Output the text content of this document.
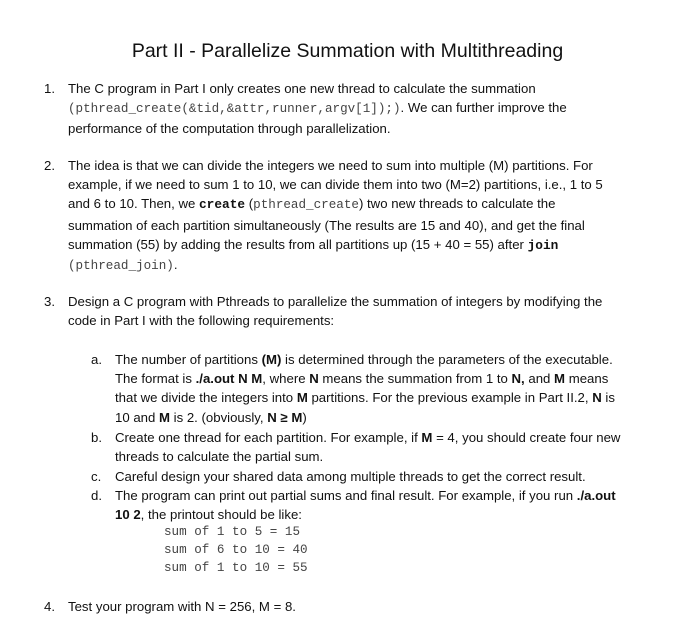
Part II - Parallelize Summation with Multithreading
1. The C program in Part I only creates one new thread to calculate the summation
(pthread_create(&tid,&attr,runner,argv[1]);). We can further improve the
performance of the computation through parallelization.
2. The idea is that we can divide the integers we need to sum into multiple (M) partitions. For
example, if we need to sum 1 to 10, we can divide them into two (M=2) partitions, i.e., 1 to 5
and 6 to 10. Then, we create (pthread_create) two new threads to calculate the
summation of each partition simultaneously (The results are 15 and 40), and get the final
summation (55) by adding the results from all partitions up (15 + 40 = 55) after join
(pthread_join).
3. Design a C program with Pthreads to parallelize the summation of integers by modifying the
code in Part I with the following requirements:
a. The number of partitions (M) is determined through the parameters of the executable.
The format is ./a.out N M, where N means the summation from 1 to N, and M means
that we divide the integers into M partitions. For the previous example in Part II.2, N is
10 and M is 2. (obviously, N ≥ M)
b. Create one thread for each partition. For example, if M = 4, you should create four new
threads to calculate the partial sum.
c. Careful design your shared data among multiple threads to get the correct result.
d. The program can print out partial sums and final result. For example, if you run ./a.out
10 2, the printout should be like:
sum of 1 to 5 = 15
sum of 6 to 10 = 40
sum of 1 to 10 = 55
4. Test your program with N = 256, M = 8.
